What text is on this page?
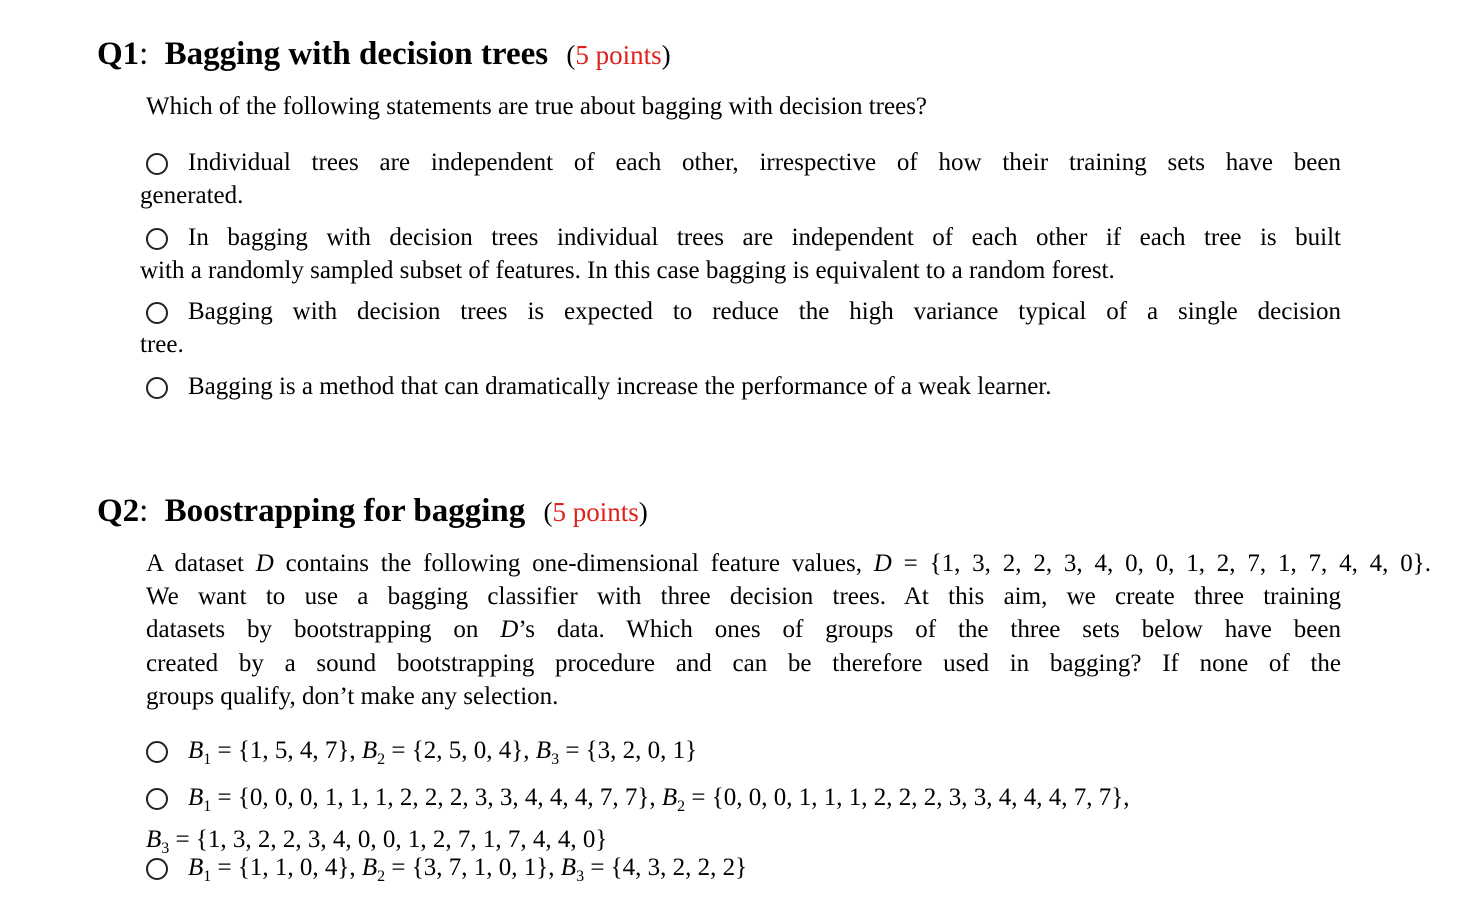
Q1: Bagging with decision trees (5 points)
Which of the following statements are true about bagging with decision trees?
Individual trees are independent of each other, irrespective of how their training sets have been
generated.
In bagging with decision trees individual trees are independent of each other if each tree is built
with a randomly sampled subset of features. In this case bagging is equivalent to a random forest.
Bagging with decision trees is expected to reduce the high variance typical of a single decision
tree.
Bagging is a method that can dramatically increase the performance of a weak learner.
Q2: Boostrapping for bagging (5 points)
A dataset D contains the following one-dimensional feature values, D = {1, 3, 2, 2, 3, 4, 0, 0, 1, 2, 7, 1, 7, 4, 4, 0}.
We want to use a bagging classifier with three decision trees. At this aim, we create three training
datasets by bootstrapping on D’s data. Which ones of groups of the three sets below have been
created by a sound bootstrapping procedure and can be therefore used in bagging? If none of the
groups qualify, don’t make any selection.
$B_1 = \{1$, 5, 4, 7}, $B_2 = \{2$, 5, 0, 4}, $B_3 = \{3$, 2, 0, 1}
$B_1 = \{0$, 0, 0, 1, 1, 1, 2, 2, 2, 3, 3, 4, 4, 4, 7, 7}, $B_2 = \{0$, 0, 0, 1, 1, 1, 2, 2, 2, 3, 3, 4, 4, 4, 7, 7},
$B_3 = \{1$, 3, 2, 2, 3, 4, 0, 0, 1, 2, 7, 1, 7, 4, 4, 0}
$B_1 = \{1$, 1, 0, 4}, $B_2 = \{3$, 7, 1, 0, 1}, $B_3 = \{4$, 3, 2, 2, 2}
